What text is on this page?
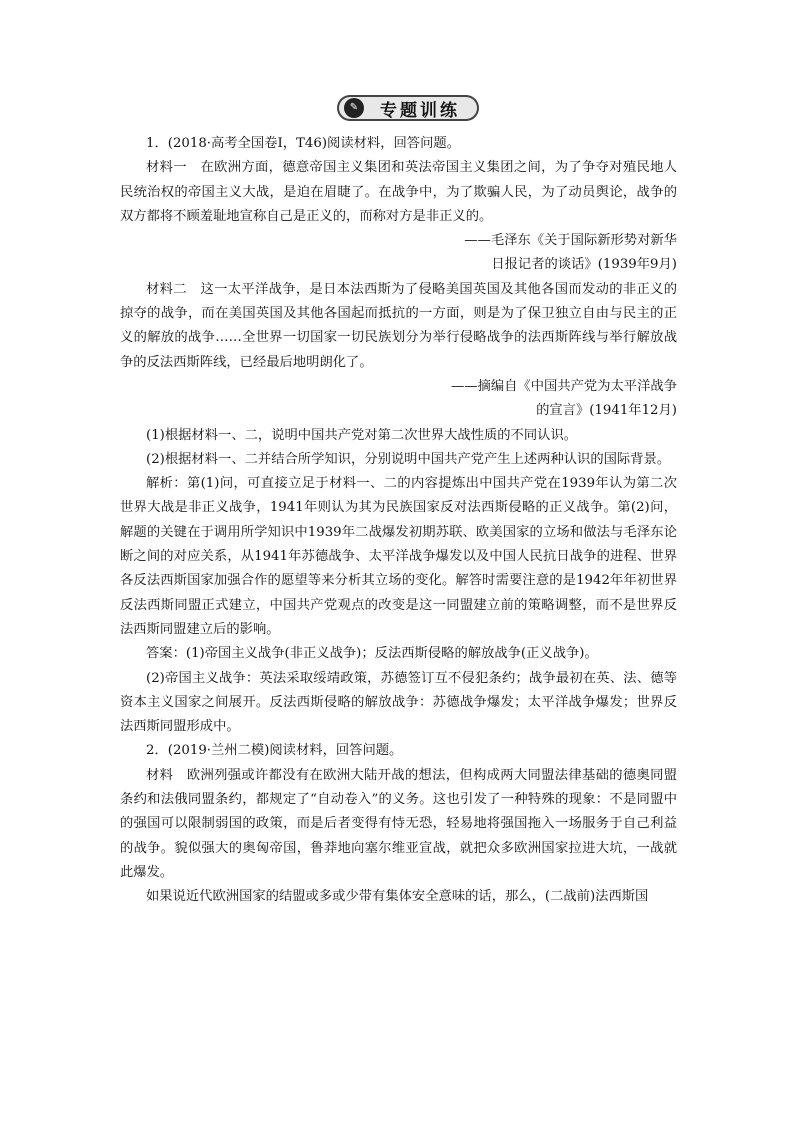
✎	专题训练

1．(2018·高考全国卷Ⅰ，T46)阅读材料，回答问题。

材料一 在欧洲方面，德意帝国主义集团和英法帝国主义集团之间，为了争夺对殖民地人民统治权的帝国主义大战，是迫在眉睫了。在战争中，为了欺骗人民，为了动员舆论，战争的双方都将不顾羞耻地宣称自己是正义的，而称对方是非正义的。

——毛泽东《关于国际新形势对新华

日报记者的谈话》(1939年9月)

材料二 这一太平洋战争，是日本法西斯为了侵略美国英国及其他各国而发动的非正义的掠夺的战争，而在美国英国及其他各国起而抵抗的一方面，则是为了保卫独立自由与民主的正义的解放的战争……全世界一切国家一切民族划分为举行侵略战争的法西斯阵线与举行解放战争的反法西斯阵线，已经最后地明朗化了。

——摘编自《中国共产党为太平洋战争

的宣言》(1941年12月)

(1)根据材料一、二，说明中国共产党对第二次世界大战性质的不同认识。

(2)根据材料一、二并结合所学知识，分别说明中国共产党产生上述两种认识的国际背景。

解析：第(1)问，可直接立足于材料一、二的内容提炼出中国共产党在1939年认为第二次世界大战是非正义战争，1941年则认为其为民族国家反对法西斯侵略的正义战争。第(2)问，解题的关键在于调用所学知识中1939年二战爆发初期苏联、欧美国家的立场和做法与毛泽东论断之间的对应关系，从1941年苏德战争、太平洋战争爆发以及中国人民抗日战争的进程、世界各反法西斯国家加强合作的愿望等来分析其立场的变化。解答时需要注意的是1942年年初世界反法西斯同盟正式建立，中国共产党观点的改变是这一同盟建立前的策略调整，而不是世界反法西斯同盟建立后的影响。

答案：(1)帝国主义战争(非正义战争)；反法西斯侵略的解放战争(正义战争)。

(2)帝国主义战争：英法采取绥靖政策，苏德签订互不侵犯条约；战争最初在英、法、德等资本主义国家之间展开。反法西斯侵略的解放战争：苏德战争爆发；太平洋战争爆发；世界反法西斯同盟形成中。

2．(2019·兰州二模)阅读材料，回答问题。

材料 欧洲列强或许都没有在欧洲大陆开战的想法，但构成两大同盟法律基础的德奥同盟条约和法俄同盟条约，都规定了“自动卷入”的义务。这也引发了一种特殊的现象：不是同盟中的强国可以限制弱国的政策，而是后者变得有恃无恐，轻易地将强国拖入一场服务于自己利益的战争。貌似强大的奥匈帝国，鲁莽地向塞尔维亚宣战，就把众多欧洲国家拉进大坑，一战就此爆发。

如果说近代欧洲国家的结盟或多或少带有集体安全意味的话，那么，(二战前)法西斯国
